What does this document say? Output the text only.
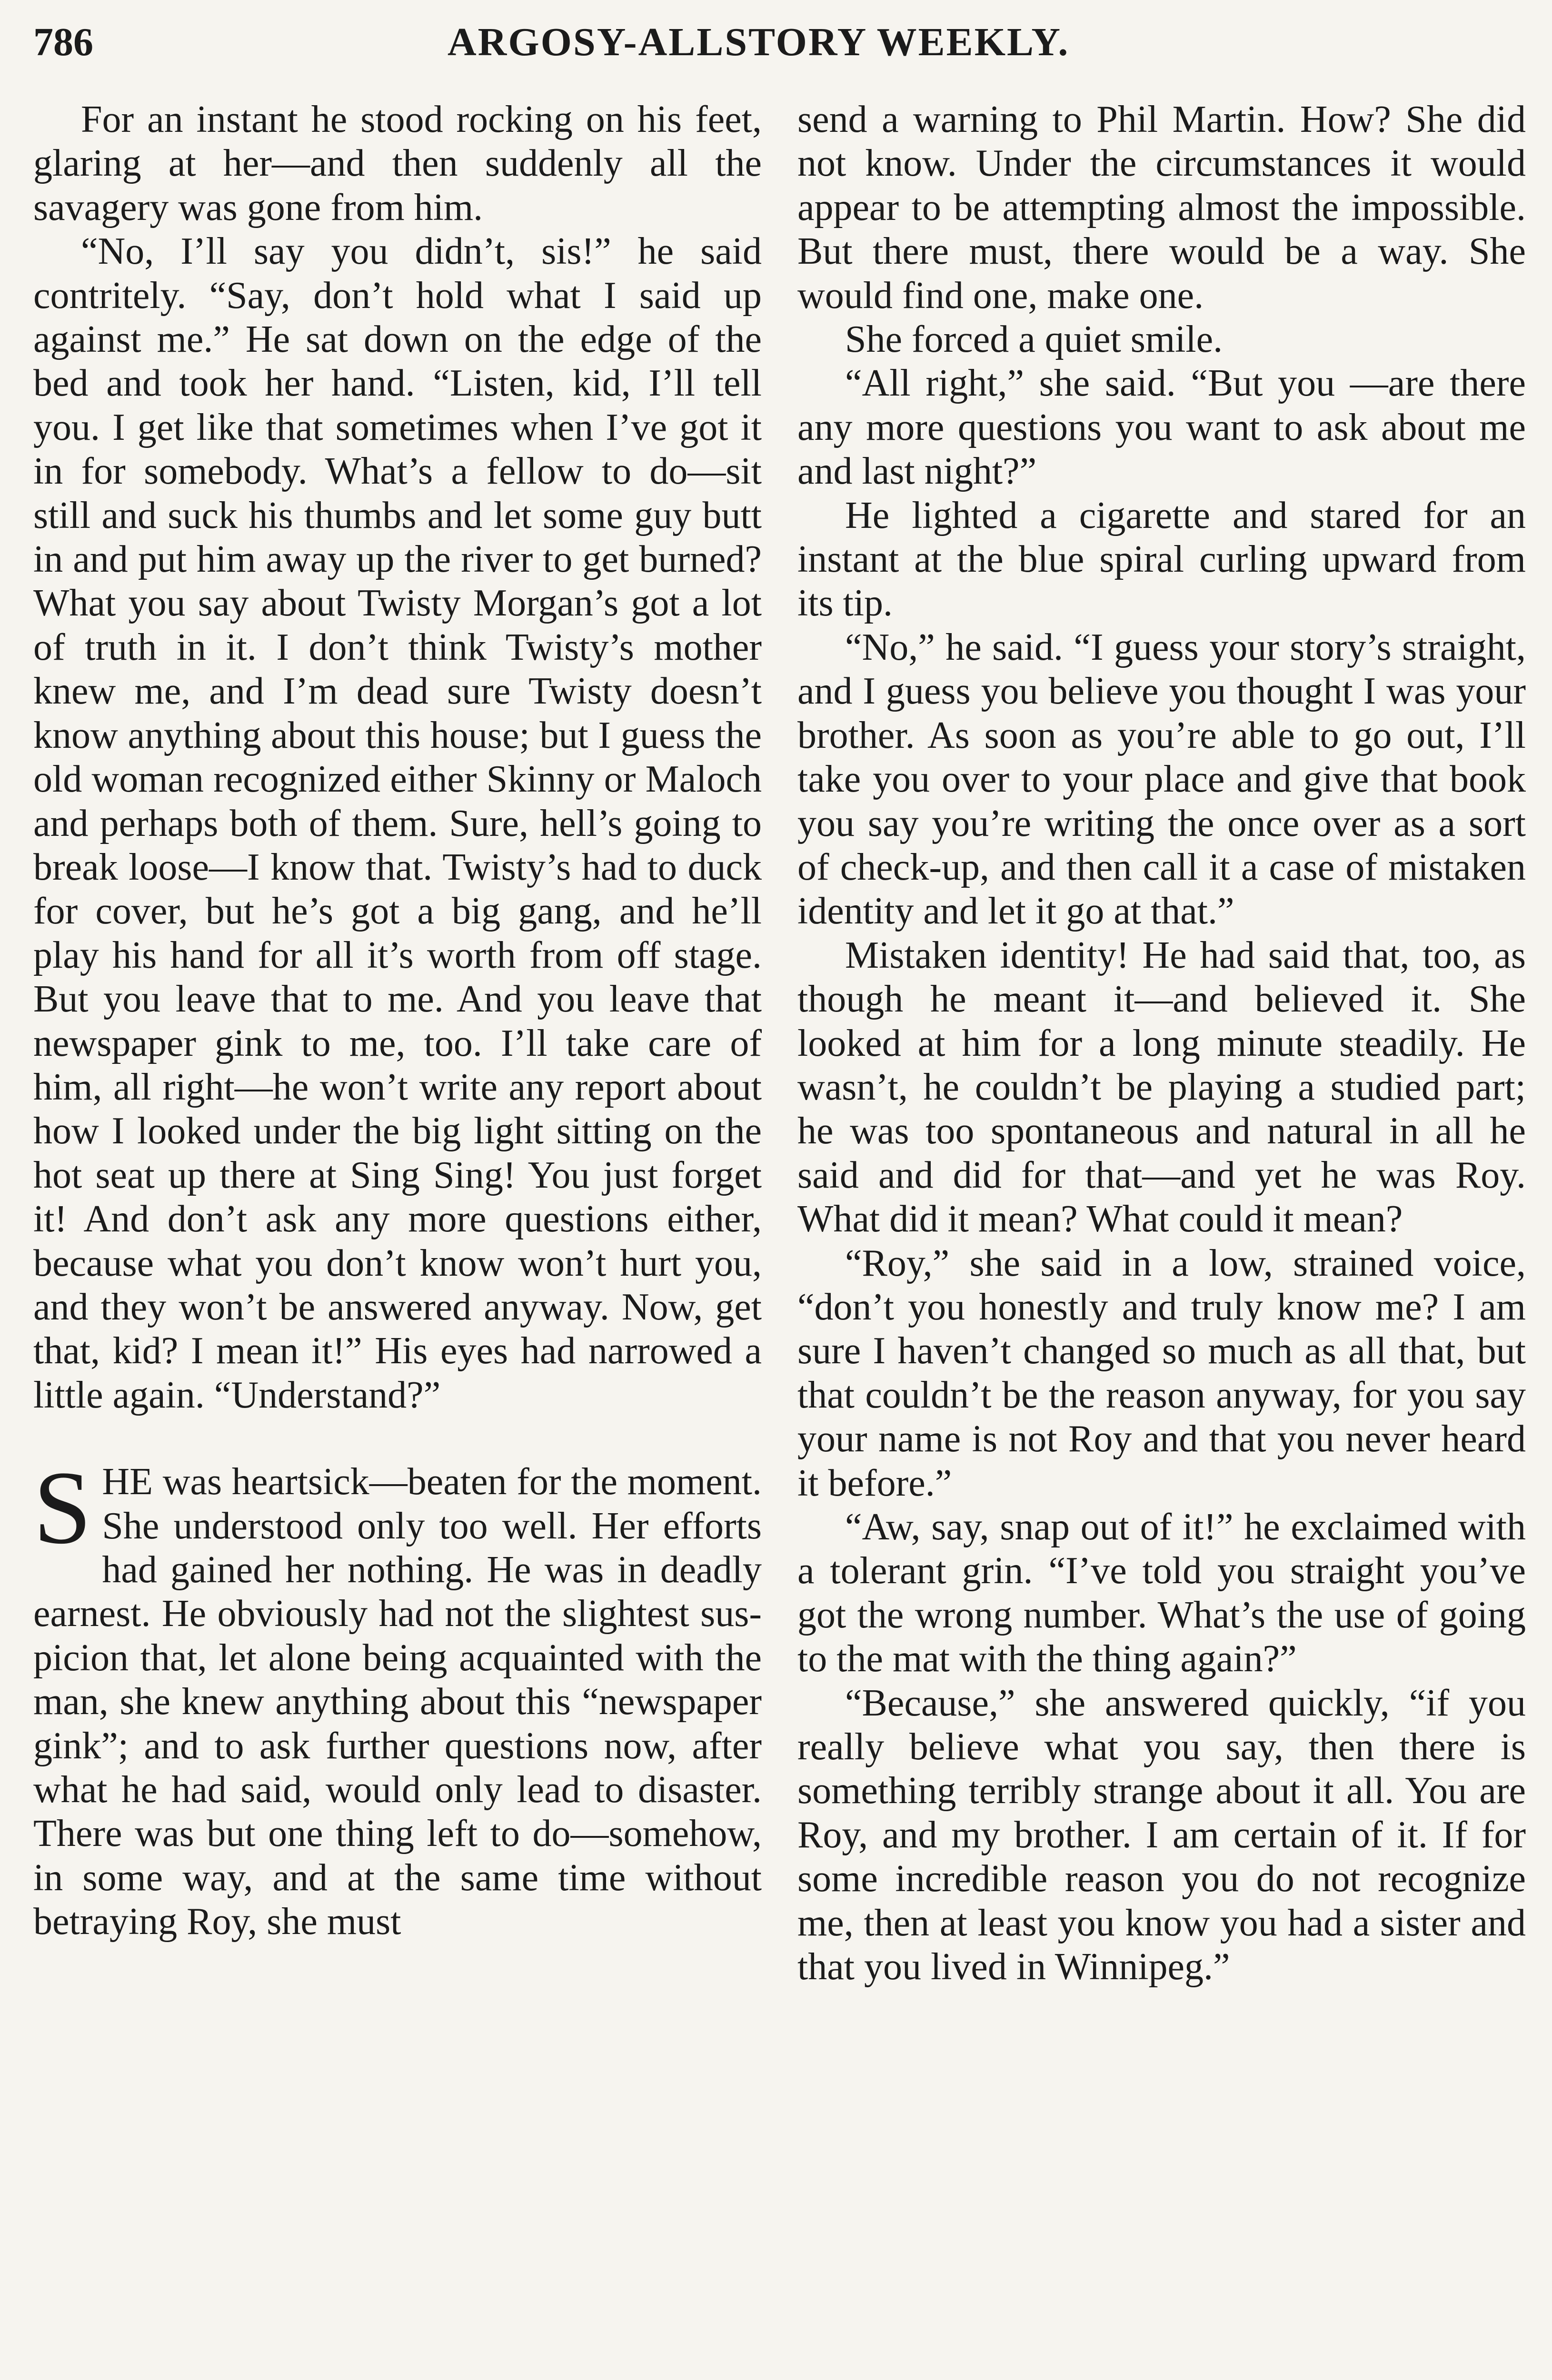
786	ARGOSY-ALLSTORY WEEKLY.

For an instant he stood rocking on his feet, glaring at her—and then suddenly all the savagery was gone from him.

“No, I’ll say you didn’t, sis!” he said contritely. “Say, don’t hold what I said up against me.” He sat down on the edge of the bed and took her hand. “Listen, kid, I’ll tell you. I get like that sometimes when I’ve got it in for somebody. What’s a fellow to do—sit still and suck his thumbs and let some guy butt in and put him away up the river to get burned? What you say about Twisty Morgan’s got a lot of truth in it. I don’t think Twisty’s mother knew me, and I’m dead sure Twisty doesn’t know anything about this house; but I guess the old woman recognized either Skinny or Maloch and perhaps both of them. Sure, hell’s going to break loose—I know that. Twisty’s had to duck for cover, but he’s got a big gang, and he’ll play his hand for all it’s worth from off stage. But you leave that to me. And you leave that newspaper gink to me, too. I’ll take care of him, all right—he won’t write any report about how I looked under the big light sitting on the hot seat up there at Sing Sing! You just forget it! And don’t ask any more questions either, because what you don’t know won’t hurt you, and they won’t be answered anyway. Now, get that, kid? I mean it!” His eyes had narrowed a little again. “Understand?”

SHE was heartsick—beaten for the moment. She understood only too well. Her efforts had gained her nothing. He was in deadly earnest. He obviously had not the slightest suspicion that, let alone being acquainted with the man, she knew anything about this “newspaper gink”; and to ask further questions now, after what he had said, would only lead to disaster. There was but one thing left to do—somehow, in some way, and at the same time without betraying Roy, she must

send a warning to Phil Martin. How? She did not know. Under the circumstances it would appear to be attempting almost the impossible. But there must, there would be a way. She would find one, make one.

She forced a quiet smile.

“All right,” she said. “But you —are there any more questions you want to ask about me and last night?”

He lighted a cigarette and stared for an instant at the blue spiral curling upward from its tip.

“No,” he said. “I guess your story’s straight, and I guess you believe you thought I was your brother. As soon as you’re able to go out, I’ll take you over to your place and give that book you say you’re writing the once over as a sort of check-up, and then call it a case of mistaken identity and let it go at that.”

Mistaken identity! He had said that, too, as though he meant it—and believed it. She looked at him for a long minute steadily. He wasn’t, he couldn’t be playing a studied part; he was too spontaneous and natural in all he said and did for that—and yet he was Roy. What did it mean? What could it mean?

“Roy,” she said in a low, strained voice, “don’t you honestly and truly know me? I am sure I haven’t changed so much as all that, but that couldn’t be the reason anyway, for you say your name is not Roy and that you never heard it before.”

“Aw, say, snap out of it!” he exclaimed with a tolerant grin. “I’ve told you straight you’ve got the wrong number. What’s the use of going to the mat with the thing again?”

“Because,” she answered quickly, “if you really believe what you say, then there is something terribly strange about it all. You are Roy, and my brother. I am certain of it. If for some incredible reason you do not recognize me, then at least you know you had a sister and that you lived in Winnipeg.”
